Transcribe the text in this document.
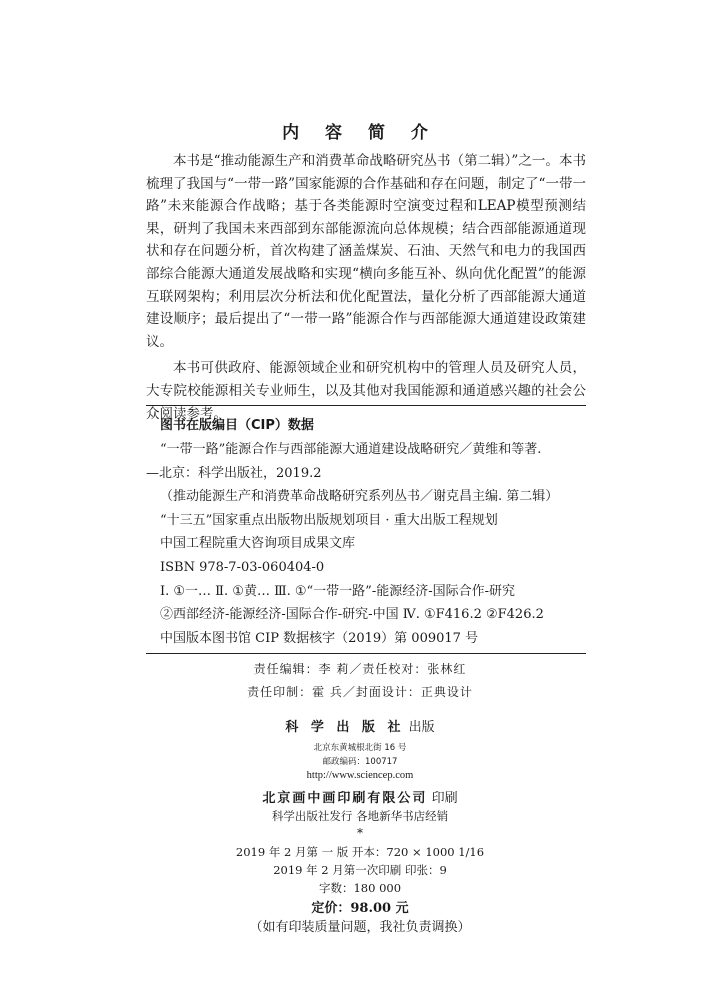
内 容 简 介

本书是“推动能源生产和消费革命战略研究丛书（第二辑）”之一。本书梳理了我国与“一带一路”国家能源的合作基础和存在问题，制定了“一带一路”未来能源合作战略；基于各类能源时空演变过程和LEAP模型预测结果，研判了我国未来西部到东部能源流向总体规模；结合西部能源通道现状和存在问题分析，首次构建了涵盖煤炭、石油、天然气和电力的我国西部综合能源大通道发展战略和实现“横向多能互补、纵向优化配置”的能源互联网架构；利用层次分析法和优化配置法，量化分析了西部能源大通道建设顺序；最后提出了“一带一路”能源合作与西部能源大通道建设政策建议。

本书可供政府、能源领域企业和研究机构中的管理人员及研究人员，大专院校能源相关专业师生，以及其他对我国能源和通道感兴趣的社会公众阅读参考。

图书在版编目（CIP）数据
“一带一路”能源合作与西部能源大通道建设战略研究／黄维和等著.
—北京：科学出版社，2019.2
（推动能源生产和消费革命战略研究系列丛书／谢克昌主编. 第二辑）
“十三五”国家重点出版物出版规划项目 · 重大出版工程规划
中国工程院重大咨询项目成果文库
ISBN 978-7-03-060404-0
Ⅰ. ①一… Ⅱ. ①黄… Ⅲ. ①“一带一路”-能源经济-国际合作-研究
②西部经济-能源经济-国际合作-研究-中国 Ⅳ. ①F416.2 ②F426.2
中国版本图书馆 CIP 数据核字（2019）第 009017 号
责任编辑：李 莉／责任校对：张林红
责任印制：霍 兵／封面设计：正典设计
科 学 出 版 社 出版
北京东黄城根北街 16 号
邮政编码：100717
http://www.sciencep.com
北京画中画印刷有限公司 印刷
科学出版社发行 各地新华书店经销
*
2019 年 2 月第 一 版 开本：720 × 1000 1/16
2019 年 2 月第一次印刷 印张：9
字数：180 000
定价：98.00 元
（如有印装质量问题，我社负责调换）
